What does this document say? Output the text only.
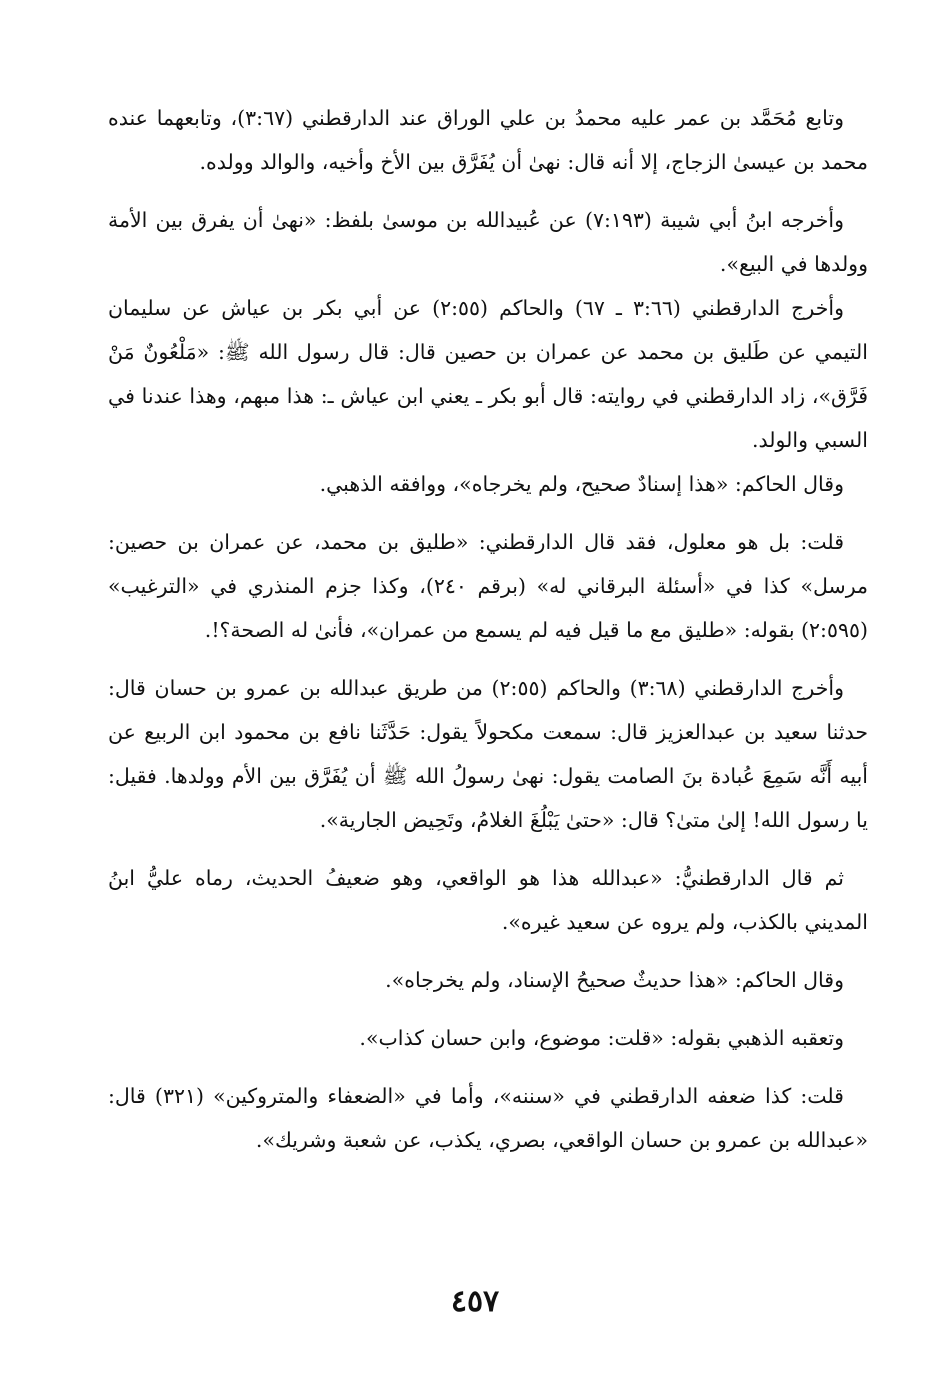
وتابع مُحَمَّد بن عمر عليه محمدُ بن علي الوراق عند الدارقطني (٣:٦٧)، وتابعهما عنده محمد بن عيسىٰ الزجاج، إلا أنه قال: نهىٰ أن يُفَرَّق بين الأخ وأخيه، والوالد وولده.

وأخرجه ابنُ أبي شيبة (٧:١٩٣) عن عُبيدالله بن موسىٰ بلفظ: «نهىٰ أن يفرق بين الأمة وولدها في البيع».

وأخرج الدارقطني (٣:٦٦ ـ ٦٧) والحاكم (٢:٥٥) عن أبي بكر بن عياش عن سليمان التيمي عن طَليق بن محمد عن عمران بن حصين قال: قال رسول الله ﷺ: «مَلْعُونٌ مَنْ فَرَّق»، زاد الدارقطني في روايته: قال أبو بكر ـ يعني ابن عياش ـ: هذا مبهم، وهذا عندنا في السبي والولد.

وقال الحاكم: «هذا إسنادٌ صحيح، ولم يخرجاه»، ووافقه الذهبي.

قلت: بل هو معلول، فقد قال الدارقطني: «طليق بن محمد، عن عمران بن حصين: مرسل» كذا في «أسئلة البرقاني له» (برقم ٢٤٠)، وكذا جزم المنذري في «الترغيب» (٢:٥٩٥) بقوله: «طليق مع ما قيل فيه لم يسمع من عمران»، فأنىٰ له الصحة؟!.

وأخرج الدارقطني (٣:٦٨) والحاكم (٢:٥٥) من طريق عبدالله بن عمرو بن حسان قال: حدثنا سعيد بن عبدالعزيز قال: سمعت مكحولاً يقول: حَدَّثَنا نافع بن محمود ابن الربيع عن أبيه أَنَّه سَمِعَ عُبادة بنَ الصامت يقول: نهىٰ رسولُ الله ﷺ أن يُفَرَّق بين الأم وولدها. فقيل: يا رسول الله! إلىٰ متىٰ؟ قال: «حتىٰ يَبْلُغَ الغلامُ، وتَحِيض الجارية».

ثم قال الدارقطنيُّ: «عبدالله هذا هو الواقعي، وهو ضعيفُ الحديث، رماه عليُّ ابنُ المديني بالكذب، ولم يروه عن سعيد غيره».

وقال الحاكم: «هذا حديثٌ صحيحُ الإسناد، ولم يخرجاه».

وتعقبه الذهبي بقوله: «قلت: موضوع، وابن حسان كذاب».

قلت: كذا ضعفه الدارقطني في «سننه»، وأما في «الضعفاء والمتروكين» (٣٢١) قال: «عبدالله بن عمرو بن حسان الواقعي، بصري، يكذب، عن شعبة وشريك».

٤٥٧
